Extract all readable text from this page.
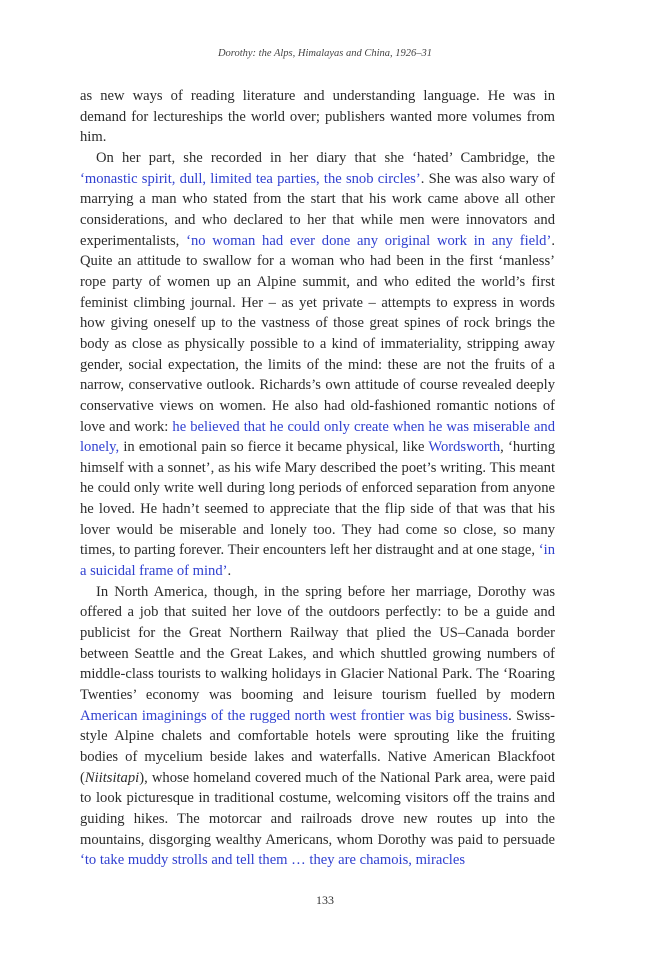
Dorothy: the Alps, Himalayas and China, 1926–31

as new ways of reading literature and understanding language. He was in demand for lectureships the world over; publishers wanted more volumes from him.

On her part, she recorded in her diary that she ‘hated’ Cambridge, the ‘monastic spirit, dull, limited tea parties, the snob circles’. She was also wary of marrying a man who stated from the start that his work came above all other considerations, and who declared to her that while men were innovators and experimentalists, ‘no woman had ever done any original work in any field’. Quite an attitude to swallow for a woman who had been in the first ‘manless’ rope party of women up an Alpine summit, and who edited the world’s first feminist climbing journal. Her – as yet private – attempts to express in words how giving oneself up to the vastness of those great spines of rock brings the body as close as physically possible to a kind of immateriality, stripping away gender, social expectation, the limits of the mind: these are not the fruits of a narrow, conservative outlook. Richards’s own attitude of course revealed deeply conservative views on women. He also had old-fashioned romantic notions of love and work: he believed that he could only create when he was miserable and lonely, in emotional pain so fierce it became physical, like Wordsworth, ‘hurting himself with a sonnet’, as his wife Mary described the poet’s writing. This meant he could only write well during long periods of enforced separation from anyone he loved. He hadn’t seemed to appreciate that the flip side of that was that his lover would be miserable and lonely too. They had come so close, so many times, to parting forever. Their encounters left her distraught and at one stage, ‘in a suicidal frame of mind’.

In North America, though, in the spring before her marriage, Dorothy was offered a job that suited her love of the outdoors perfectly: to be a guide and publicist for the Great Northern Railway that plied the US–Canada border between Seattle and the Great Lakes, and which shuttled growing numbers of middle-class tourists to walking holidays in Glacier National Park. The ‘Roaring Twenties’ economy was booming and leisure tourism fuelled by modern American imaginings of the rugged north west frontier was big business. Swiss-style Alpine chalets and comfortable hotels were sprouting like the fruiting bodies of mycelium beside lakes and waterfalls. Native American Blackfoot (Niitsitapi), whose homeland covered much of the National Park area, were paid to look picturesque in traditional costume, welcoming visitors off the trains and guiding hikes. The motorcar and railroads drove new routes up into the mountains, disgorging wealthy Americans, whom Dorothy was paid to persuade ‘to take muddy strolls and tell them … they are chamois, miracles

133
